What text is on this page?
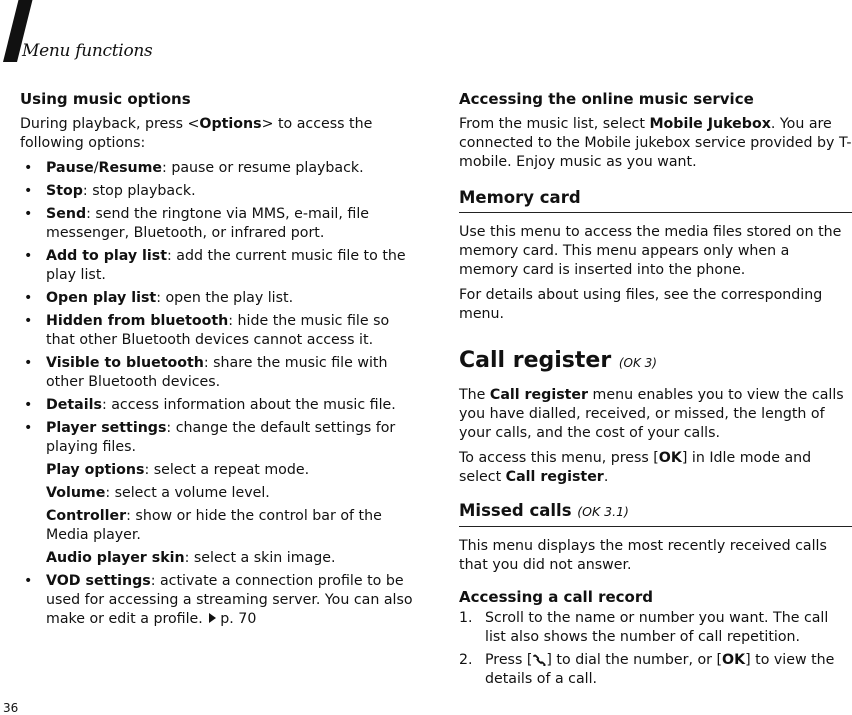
Menu functions
Using music options

During playback, press <Options> to access the following options:

• Pause/Resume: pause or resume playback.
• Stop: stop playback.
• Send: send the ringtone via MMS, e-mail, file messenger, Bluetooth, or infrared port.
• Add to play list: add the current music file to the play list.
• Open play list: open the play list.
• Hidden from bluetooth: hide the music file so that other Bluetooth devices cannot access it.
• Visible to bluetooth: share the music file with other Bluetooth devices.
• Details: access information about the music file.
• Player settings: change the default settings for playing files.
Play options: select a repeat mode.
Volume: select a volume level.
Controller: show or hide the control bar of the Media player.
Audio player skin: select a skin image.
• VOD settings: activate a connection profile to be used for accessing a streaming server. You can also make or edit a profile. p. 70
Accessing the online music service

From the music list, select Mobile Jukebox. You are connected to the Mobile jukebox service provided by T-mobile. Enjoy music as you want.

Memory card

Use this menu to access the media files stored on the memory card. This menu appears only when a memory card is inserted into the phone.

For details about using files, see the corresponding menu.

Call register (OK 3)

The Call register menu enables you to view the calls you have dialled, received, or missed, the length of your calls, and the cost of your calls.

To access this menu, press [OK] in Idle mode and select Call register.

Missed calls (OK 3.1)

This menu displays the most recently received calls that you did not answer.

Accessing a call record
1. Scroll to the name or number you want. The call list also shows the number of call repetition.
2. Press [ ] to dial the number, or [OK] to view the details of a call.
36
